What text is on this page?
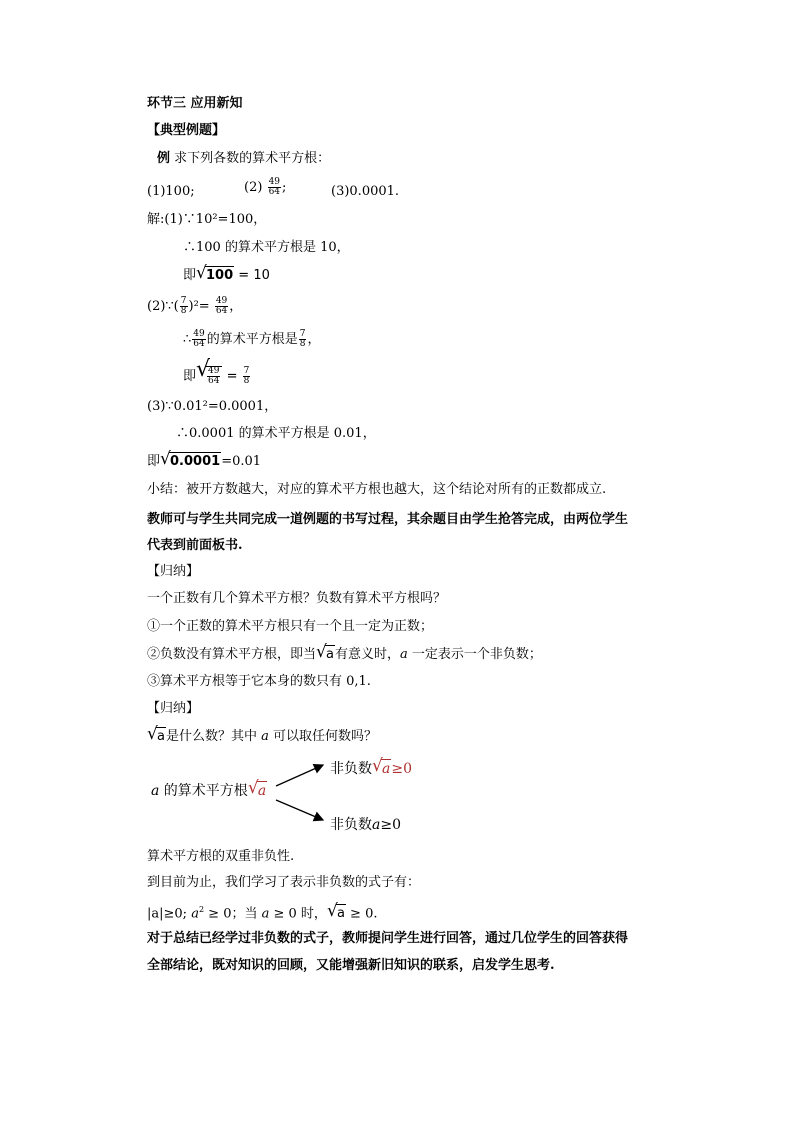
环节三 应用新知
【典型例题】
例 求下列各数的算术平方根：
(1)100;	$(2) \frac{49}{64}$ ;	(3)0.0001.
解:(1)∵10²=100，
∴100 的算术平方根是 10，
即 √ 100 = 10
(2)∵( $\frac{7}{8} )^2= \frac{49}{64}$ ，
∴ $\frac{49}{64}$ 的算术平方根是 $\frac{7}{8}$ ，
即 √
$\frac{49}{64} = \frac{7}{8}$
(3)∵0.01²=0.0001，
∴0.0001 的算术平方根是 0.01，
即 √ 0.0001=0.01
小结：被开方数越大，对应的算术平方根也越大，这个结论对所有的正数都成立.
教师可与学生共同完成一道例题的书写过程，其余题目由学生抢答完成，由两位学生
代表到前面板书.
【归纳】
一个正数有几个算术平方根？负数有算术平方根吗？
①一个正数的算术平方根只有一个且一定为正数；
②负数没有算术平方根，即当 √ a有意义时，a 一定表示一个非负数；
③算术平方根等于它本身的数只有 0,1.
【归纳】
√ a是什么数？其中 a 可以取任何数吗？
a 的算术平方根 √ a
非负数 √ a≥0
非负数a≥0
算术平方根的双重非负性.
到目前为止，我们学习了表示非负数的式子有：
|a|≥0; $a^2 \ge 0$；当 a ≥ 0 时， √ a ≥ 0.
对于总结已经学过非负数的式子，教师提问学生进行回答，通过几位学生的回答获得
全部结论，既对知识的回顾，又能增强新旧知识的联系，启发学生思考.
